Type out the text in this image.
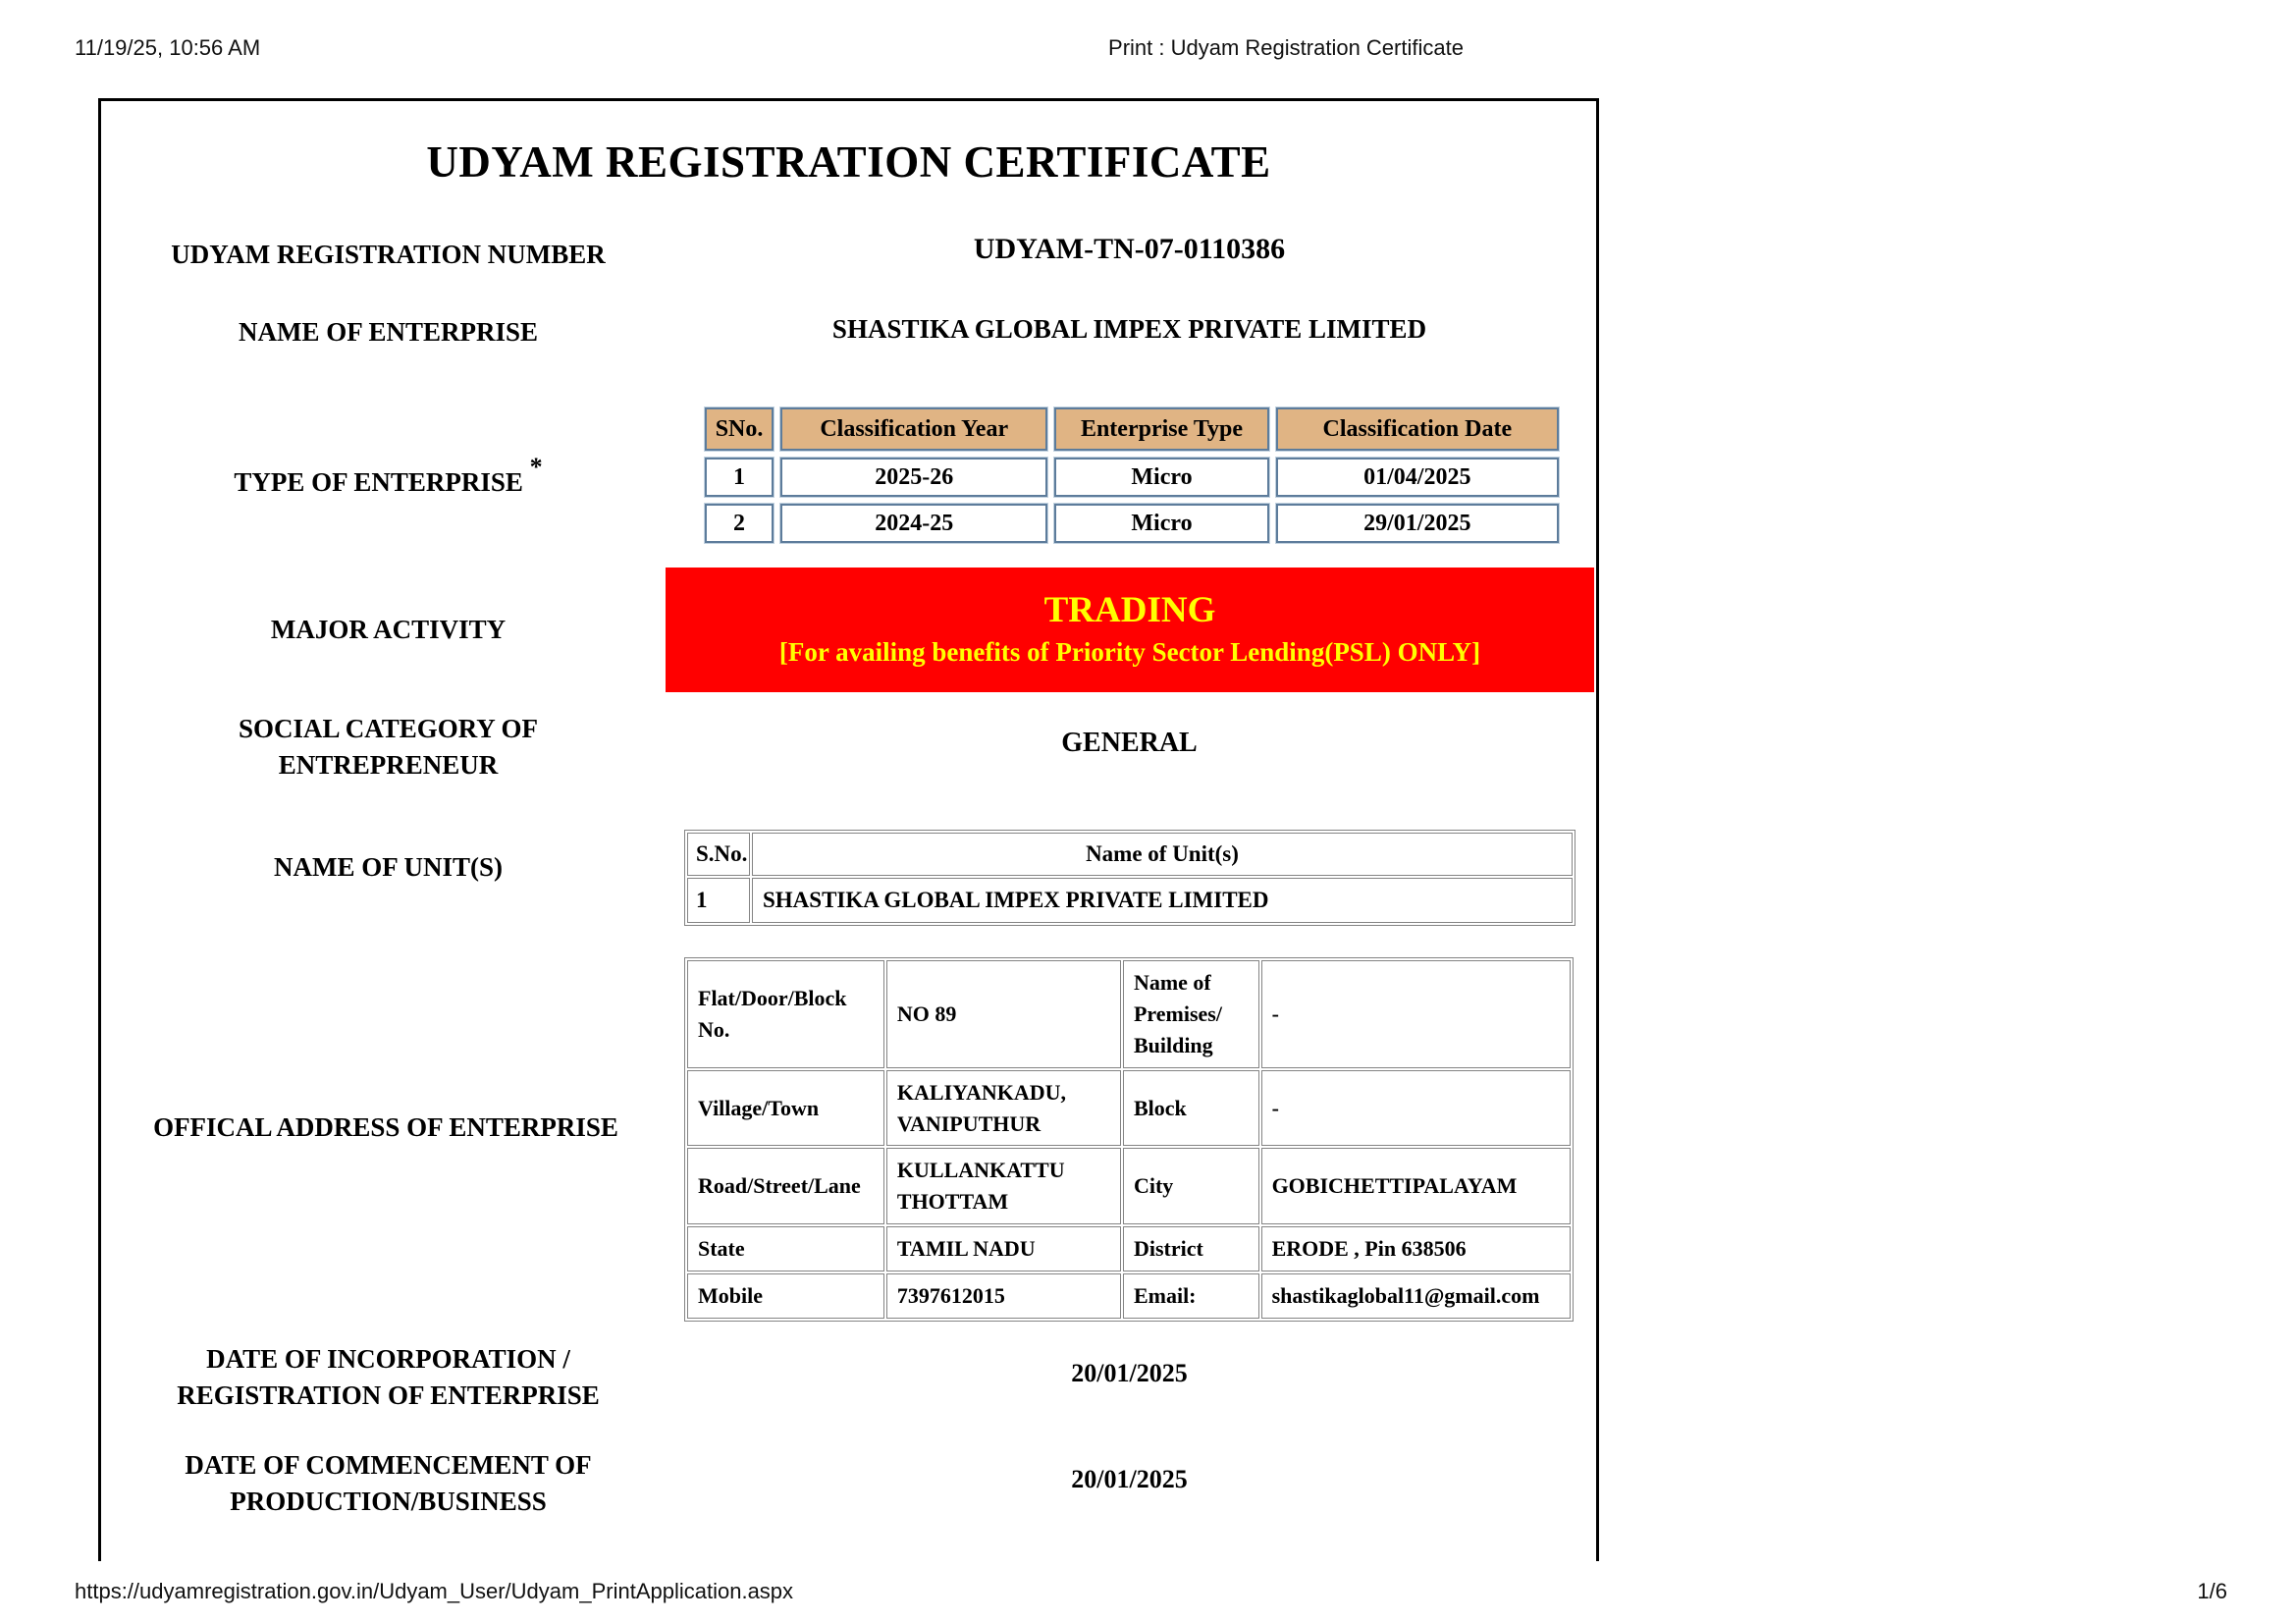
11/19/25, 10:56 AM	Print : Udyam Registration Certificate
https://udyamregistration.gov.in/Udyam_User/Udyam_PrintApplication.aspx	1/6
UDYAM REGISTRATION CERTIFICATE
UDYAM REGISTRATION NUMBER	UDYAM-TN-07-0110386
NAME OF ENTERPRISE	SHASTIKA GLOBAL IMPEX PRIVATE LIMITED
TYPE OF ENTERPRISE *
SNo.	Classification Year	Enterprise Type	Classification Date
1	2025-26	Micro	01/04/2025
2	2024-25	Micro	29/01/2025
MAJOR ACTIVITY	TRADING
[For availing benefits of Priority Sector Lending(PSL) ONLY]
SOCIAL CATEGORY OF
ENTREPRENEUR
GENERAL
NAME OF UNIT(S)	S.No.	Name of Unit(s)
1	SHASTIKA GLOBAL IMPEX PRIVATE LIMITED
OFFICAL ADDRESS OF ENTERPRISE
Flat/Door/Block No.	NO 89	Name of Premises/ Building	-
Village/Town	KALIYANKADU, VANIPUTHUR	Block	-
Road/Street/Lane	KULLANKATTU THOTTAM	City	GOBICHETTIPALAYAM
State	TAMIL NADU	District	ERODE , Pin 638506
Mobile	7397612015	Email:	shastikaglobal11@gmail.com
DATE OF INCORPORATION /
REGISTRATION OF ENTERPRISE
20/01/2025
DATE OF COMMENCEMENT OF
PRODUCTION/BUSINESS
20/01/2025
